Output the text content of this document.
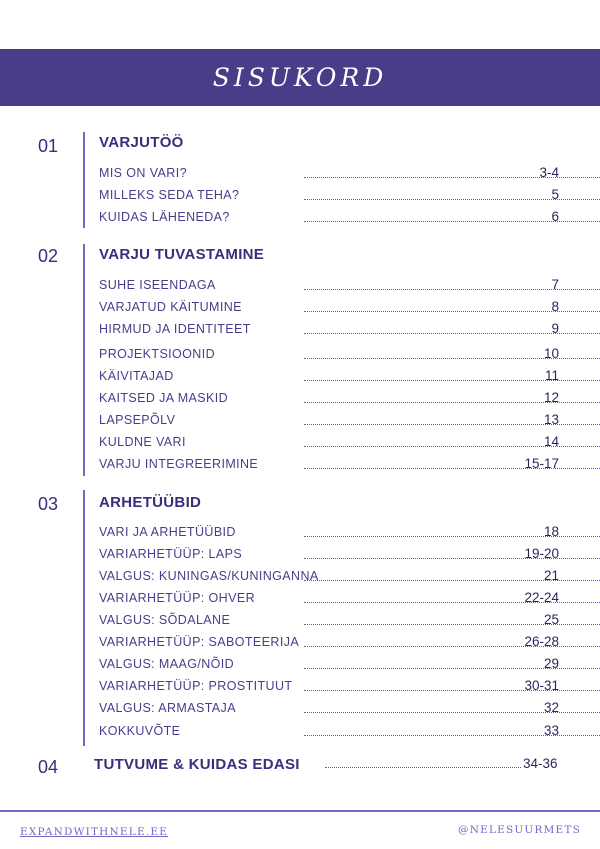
SISUKORD
01	VARJUTÖÖ
MIS ON VARI?	3-4
MILLEKS SEDA TEHA?	5
KUIDAS LÄHENEDA?	6
02	VARJU TUVASTAMINE
SUHE ISEENDAGA	7
VARJATUD KÄITUMINE	8
HIRMUD JA IDENTITEET	9
PROJEKTSIOONID	10
KÄIVITAJAD	11
KAITSED JA MASKID	12
LAPSEPÕLV	13
KULDNE VARI	14
VARJU INTEGREERIMINE	15-17
03	ARHETÜÜBID
VARI JA ARHETÜÜBID	18
VARIARHETÜÜP: LAPS	19-20
VALGUS: KUNINGAS/KUNINGANNA	21
VARIARHETÜÜP: OHVER	22-24
VALGUS: SÕDALANE	25
VARIARHETÜÜP: SABOTEERIJA	26-28
VALGUS: MAAG/NÕID	29
VARIARHETÜÜP: PROSTITUUT	30-31
VALGUS: ARMASTAJA	32
KOKKUVÕTE	33
04 TUTVUME & KUIDAS EDASI	34-36
EXPANDWITHNELE.EE	@NELESUURMETS
